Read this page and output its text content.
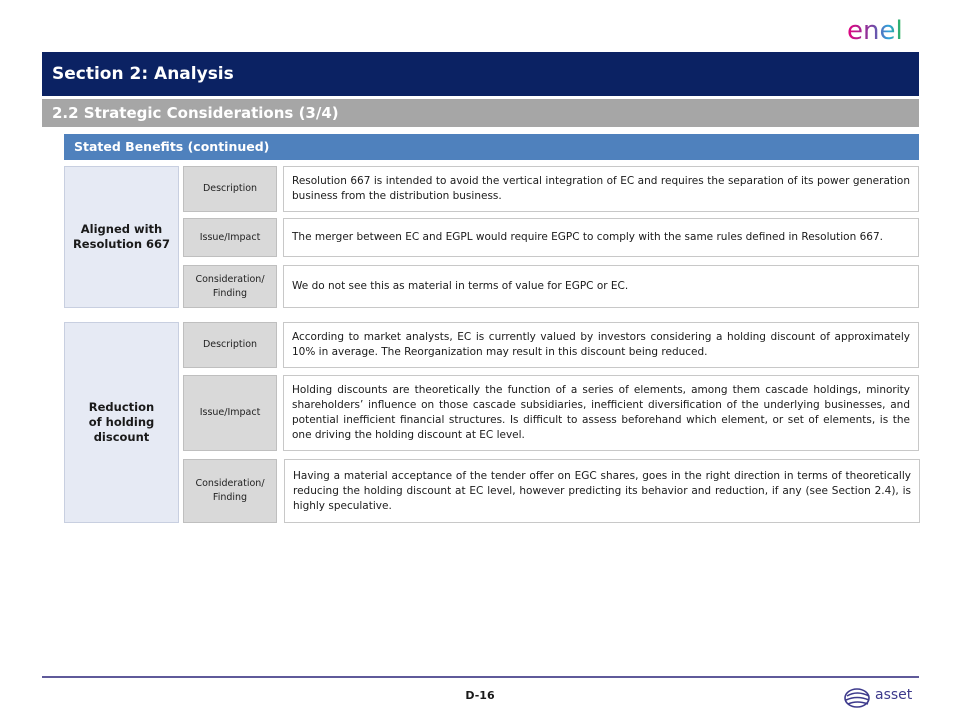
enel
Section 2: Analysis
2.2 Strategic Considerations (3/4)
Stated Benefits (continued)
Aligned with Resolution 667
Description
Resolution 667 is intended to avoid the vertical integration of EC and requires the separation of its power generation business from the distribution business.
Issue/Impact	The merger between EC and EGPL would require EGPC to comply with the same rules defined in Resolution 667.
Consideration/ Finding
We do not see this as material in terms of value for EGPC or EC.
Reduction of holding discount
Description
According to market analysts, EC is currently valued by investors considering a holding discount of approximately 10% in average. The Reorganization may result in this discount being reduced.
Issue/Impact
Holding discounts are theoretically the function of a series of elements, among them cascade holdings, minority shareholders’ influence on those cascade subsidiaries, inefficient diversification of the underlying businesses, and potential inefficient financial structures. Is difficult to assess beforehand which element, or set of elements, is the one driving the holding discount at EC level.
Consideration/ Finding
Having a material acceptance of the tender offer on EGC shares, goes in the right direction in terms of theoretically reducing the holding discount at EC level, however predicting its behavior and reduction, if any (see Section 2.4), is highly speculative.
D-16	asset
